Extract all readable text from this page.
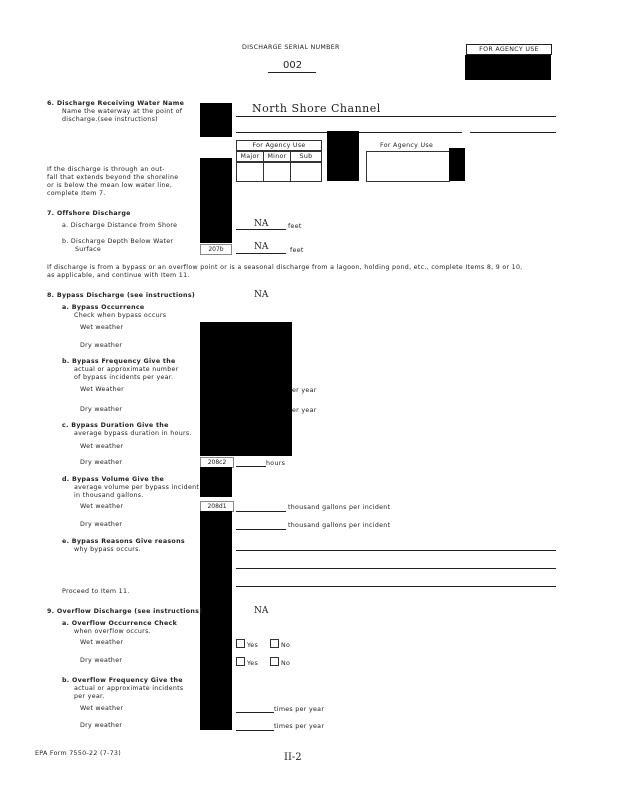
DISCHARGE SERIAL NUMBER
002
FOR AGENCY USE
6. Discharge Receiving Water Name
Name the waterway at the point of
discharge.(see instructions)
North Shore Channel
For Agency Use
Major	Minor	Sub
For Agency Use
If the discharge is through an out-
fall that extends beyond the shoreline
or is below the mean low water line,
complete Item 7.
7. Offshore Discharge
a. Discharge Distance from Shore	NA	feet
b. Discharge Depth Below Water
Surface	207b	NA	feet
If discharge is from a bypass or an overflow point or is a seasonal discharge from a lagoon, holding pond, etc., complete Items 8, 9 or 10,
as applicable, and continue with Item 11.
8. Bypass Discharge (see instructions)	NA
a. Bypass Occurrence
Check when bypass occurs
Wet weather
Dry weather
b. Bypass Frequency Give the
actual or approximate number
of bypass incidents per year.
Wet Weather	er year
Dry weather	er year
c. Bypass Duration Give the
average bypass duration in hours.
Wet weather
Dry weather	208c2	hours
d. Bypass Volume Give the
average volume per bypass incident
in thousand gallons.
Wet weather	208d1	thousand gallons per incident
Dry weather	thousand gallons per incident
e. Bypass Reasons Give reasons
why bypass occurs.
Proceed to Item 11.
9. Overflow Discharge (see instructions)	NA
a. Overflow Occurrence Check
when overflow occurs.
Wet weather	Yes	No
Dry weather	Yes	No
b. Overflow Frequency Give the
actual or approximate incidents
per year.
Wet weather	times per year
Dry weather	times per year
EPA Form 7550-22 (7-73)	II-2
